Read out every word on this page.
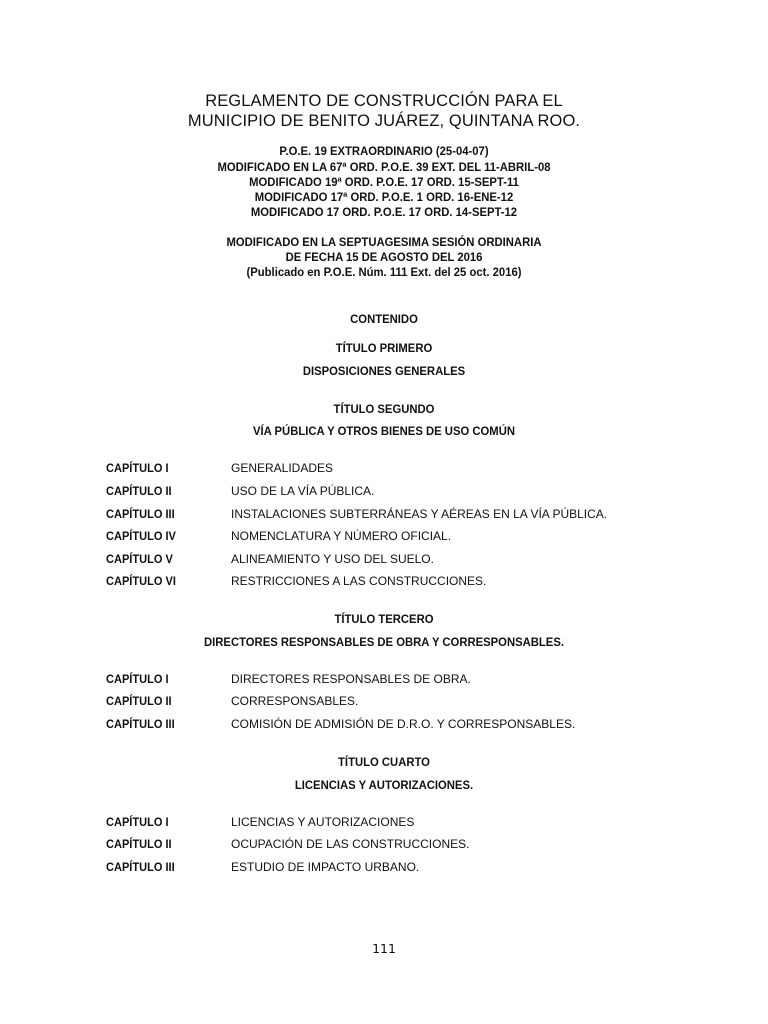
REGLAMENTO DE CONSTRUCCIÓN PARA EL
MUNICIPIO DE BENITO JUÁREZ, QUINTANA ROO.
P.O.E. 19 EXTRAORDINARIO (25-04-07)
MODIFICADO EN LA 67ª ORD. P.O.E. 39 EXT. DEL 11-ABRIL-08
MODIFICADO 19ª ORD. P.O.E. 17 ORD. 15-SEPT-11
MODIFICADO 17ª ORD. P.O.E. 1 ORD. 16-ENE-12
MODIFICADO 17 ORD. P.O.E. 17 ORD. 14-SEPT-12
MODIFICADO EN LA SEPTUAGESIMA SESIÓN ORDINARIA
DE FECHA 15 DE AGOSTO DEL 2016
(Publicado en P.O.E. Núm. 111 Ext. del 25 oct. 2016)
CONTENIDO
TÍTULO PRIMERO
DISPOSICIONES GENERALES
TÍTULO SEGUNDO
VÍA PÚBLICA Y OTROS BIENES DE USO COMÚN
CAPÍTULO I	GENERALIDADES
CAPÍTULO II	USO DE LA VÍA PÚBLICA.
CAPÍTULO III	INSTALACIONES SUBTERRÁNEAS Y AÉREAS EN LA VÍA PÚBLICA.
CAPÍTULO IV	NOMENCLATURA Y NÚMERO OFICIAL.
CAPÍTULO V	ALINEAMIENTO Y USO DEL SUELO.
CAPÍTULO VI	RESTRICCIONES A LAS CONSTRUCCIONES.
TÍTULO TERCERO
DIRECTORES RESPONSABLES DE OBRA Y CORRESPONSABLES.
CAPÍTULO I	DIRECTORES RESPONSABLES DE OBRA.
CAPÍTULO II	CORRESPONSABLES.
CAPÍTULO III	COMISIÓN DE ADMISIÓN DE D.R.O. Y CORRESPONSABLES.
TÍTULO CUARTO
LICENCIAS Y AUTORIZACIONES.
CAPÍTULO I	LICENCIAS Y AUTORIZACIONES
CAPÍTULO II	OCUPACIÓN DE LAS CONSTRUCCIONES.
CAPÍTULO III	ESTUDIO DE IMPACTO URBANO.
111
